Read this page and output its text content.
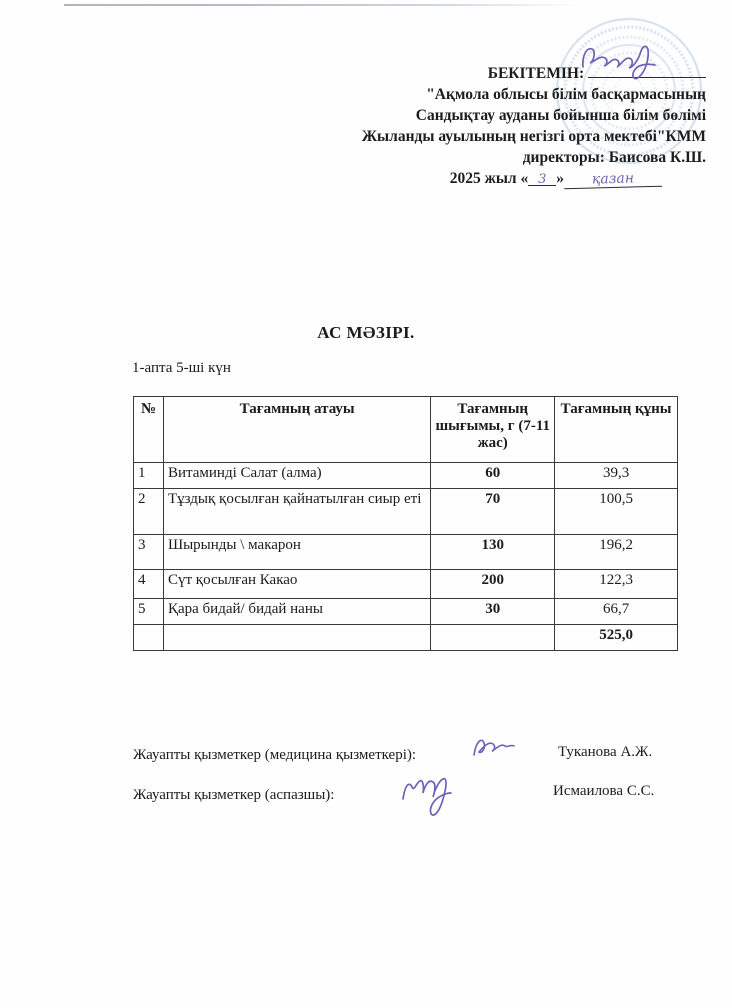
БЕКІТЕМІН:
"Ақмола облысы білім басқармасының
Сандықтау ауданы бойынша білім бөлімі
Жыланды ауылының негізгі орта мектебі"КММ
директоры: Баисова К.Ш.
2025 жыл « 3 » қазан
АС МӘЗІРІ.
1-апта 5-ші күн
№	Тағамның атауы	Тағамның шығымы, г (7-11 жас)	Тағамның құны
1	Витаминді Салат (алма)	60	39,3
2	Тұздық қосылған қайнатылған сиыр еті	70	100,5
3	Шырынды \ макарон	130	196,2
4	Сүт қосылған Какао	200	122,3
5	Қара бидай/ бидай наны	30	66,7
			525,0
Жауапты қызметкер (медицина қызметкері):	Туканова А.Ж.
Жауапты қызметкер (аспазшы):	Исмаилова С.С.
